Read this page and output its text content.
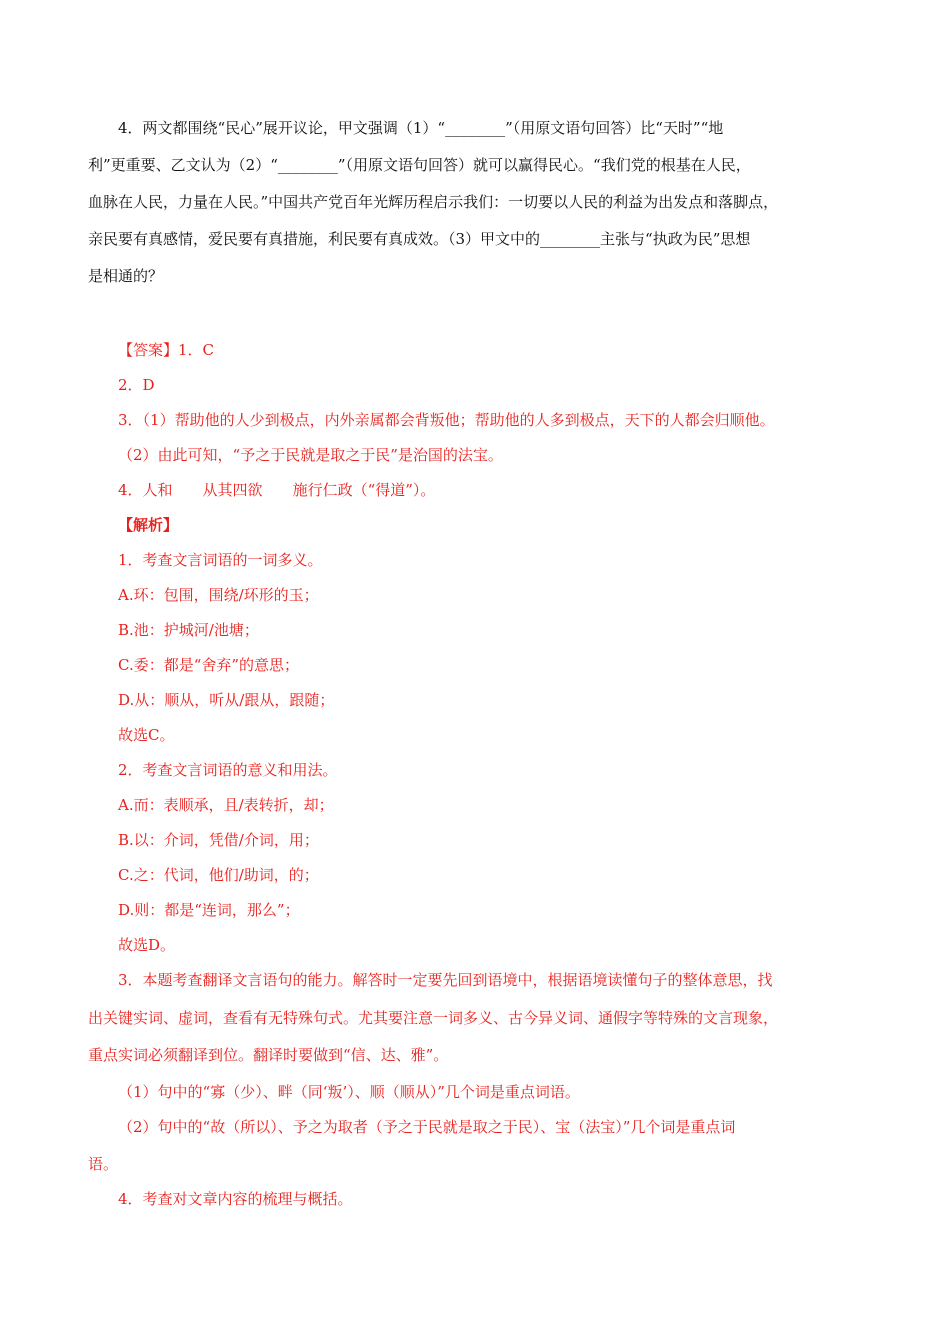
4．两文都围绕“民心”展开议论，甲文强调（1）“________”（用原文语句回答）比“天时”“地
利”更重要、乙文认为（2）“________”（用原文语句回答）就可以赢得民心。“我们党的根基在人民，
血脉在人民，力量在人民。”中国共产党百年光辉历程启示我们：一切要以人民的利益为出发点和落脚点，
亲民要有真感情，爱民要有真措施，利民要有真成效。（3）甲文中的________主张与“执政为民”思想
是相通的？
【答案】1．C
2．D
3．（1）帮助他的人少到极点，内外亲属都会背叛他；帮助他的人多到极点，天下的人都会归顺他。
（2）由此可知，“予之于民就是取之于民”是治国的法宝。
4．人和 从其四欲 施行仁政（“得道”）。
【解析】
1．考查文言词语的一词多义。
A.环：包围，围绕/环形的玉；
B.池：护城河/池塘；
C.委：都是“舍弃”的意思；
D.从：顺从，听从/跟从，跟随；
故选C。
2．考查文言词语的意义和用法。
A.而：表顺承，且/表转折，却；
B.以：介词，凭借/介词，用；
C.之：代词，他们/助词，的；
D.则：都是“连词，那么”；
故选D。
3．本题考查翻译文言语句的能力。解答时一定要先回到语境中，根据语境读懂句子的整体意思，找
出关键实词、虚词，查看有无特殊句式。尤其要注意一词多义、古今异义词、通假字等特殊的文言现象，
重点实词必须翻译到位。翻译时要做到“信、达、雅”。
（1）句中的“寡（少）、畔（同‘叛’）、顺（顺从）”几个词是重点词语。
（2）句中的“故（所以）、予之为取者（予之于民就是取之于民）、宝（法宝）”几个词是重点词
语。
4．考查对文章内容的梳理与概括。
